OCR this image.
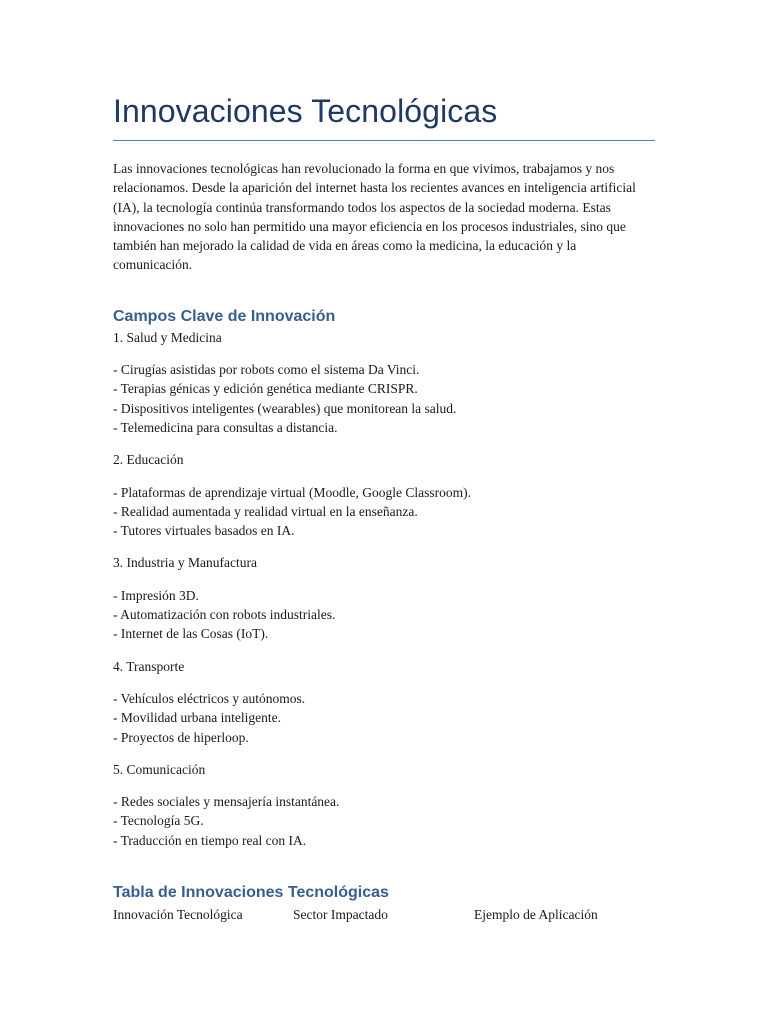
Innovaciones Tecnológicas

Las innovaciones tecnológicas han revolucionado la forma en que vivimos, trabajamos y nos relacionamos. Desde la aparición del internet hasta los recientes avances en inteligencia artificial (IA), la tecnología continúa transformando todos los aspectos de la sociedad moderna. Estas innovaciones no solo han permitido una mayor eficiencia en los procesos industriales, sino que también han mejorado la calidad de vida en áreas como la medicina, la educación y la comunicación.

Campos Clave de Innovación

1. Salud y Medicina

- Cirugías asistidas por robots como el sistema Da Vinci.
- Terapias génicas y edición genética mediante CRISPR.
- Dispositivos inteligentes (wearables) que monitorean la salud.
- Telemedicina para consultas a distancia.

2. Educación

- Plataformas de aprendizaje virtual (Moodle, Google Classroom).
- Realidad aumentada y realidad virtual en la enseñanza.
- Tutores virtuales basados en IA.

3. Industria y Manufactura

- Impresión 3D.
- Automatización con robots industriales.
- Internet de las Cosas (IoT).

4. Transporte

- Vehículos eléctricos y autónomos.
- Movilidad urbana inteligente.
- Proyectos de hiperloop.

5. Comunicación

- Redes sociales y mensajería instantánea.
- Tecnología 5G.
- Traducción en tiempo real con IA.
Tabla de Innovaciones Tecnológicas
Innovación Tecnológica	Sector Impactado	Ejemplo de Aplicación
